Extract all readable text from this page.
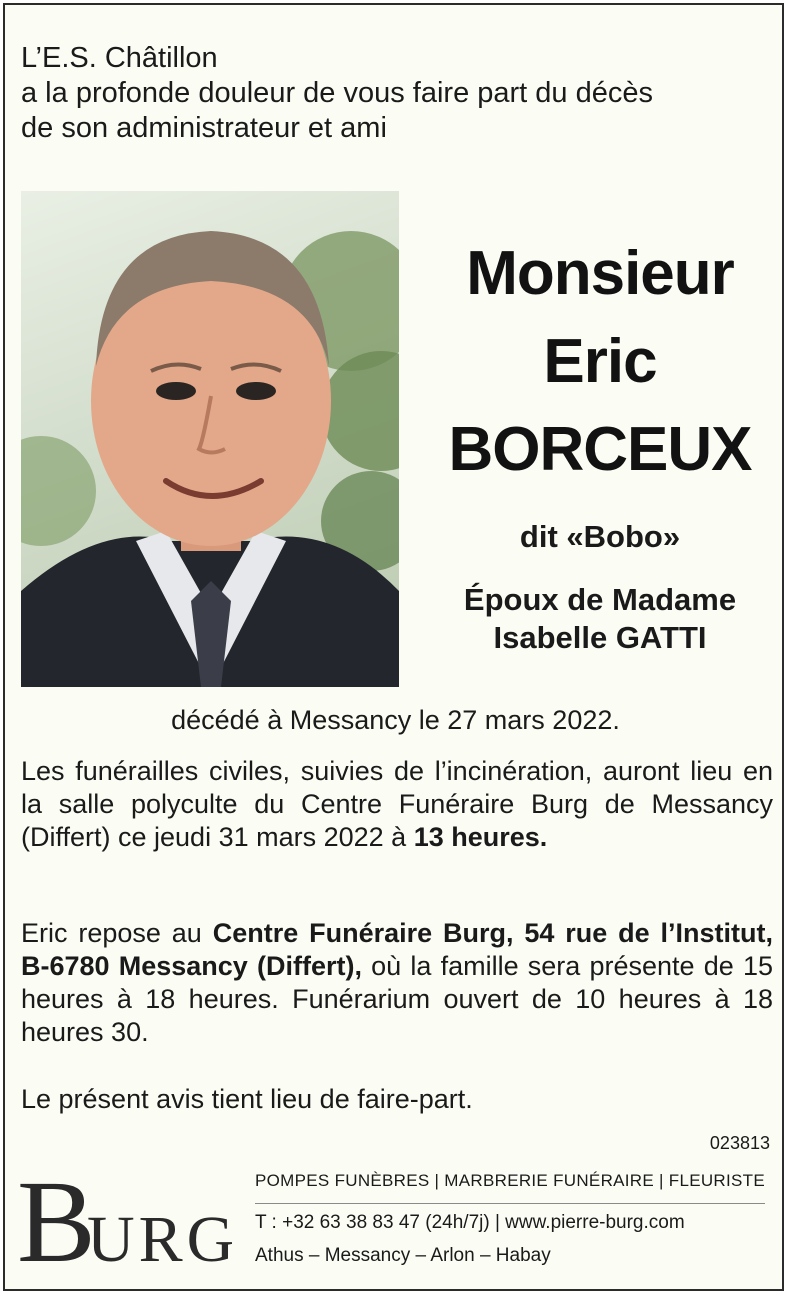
L’E.S. Châtillon
a la profonde douleur de vous faire part du décès
de son administrateur et ami
Monsieur
Eric
BORCEUX
dit «Bobo»
Époux de Madame
Isabelle GATTI
décédé à Messancy le 27 mars 2022.
Les funérailles civiles, suivies de l’incinération, auront lieu en la salle polyculte du Centre Funéraire Burg de Messancy (Differt) ce jeudi 31 mars 2022 à 13 heures.
Eric repose au Centre Funéraire Burg, 54 rue de l’Institut, B-6780 Messancy (Differt), où la famille sera présente de 15 heures à 18 heures. Funérarium ouvert de 10 heures à 18 heures 30.
Le présent avis tient lieu de faire-part.
023813
B
URG
POMPES FUNÈBRES | MARBRERIE FUNÉRAIRE | FLEURISTE
T : +32 63 38 83 47 (24h/7j) | www.pierre-burg.com
Athus – Messancy – Arlon – Habay
